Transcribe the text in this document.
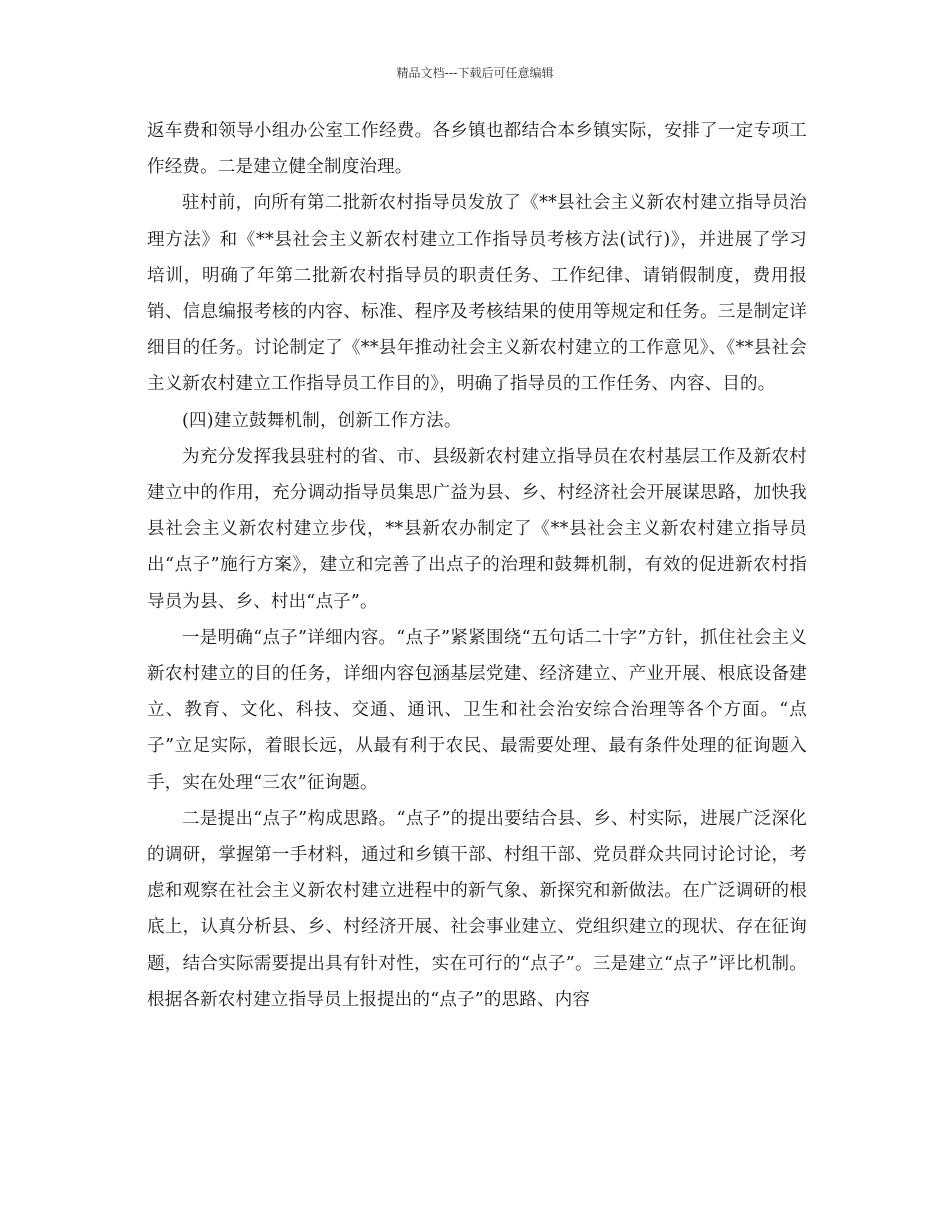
精品文档---下载后可任意编辑

返车费和领导小组办公室工作经费。各乡镇也都结合本乡镇实际，安排了一定专项工作经费。二是建立健全制度治理。

驻村前，向所有第二批新农村指导员发放了《**县社会主义新农村建立指导员治理方法》和《**县社会主义新农村建立工作指导员考核方法(试行)》，并进展了学习培训，明确了年第二批新农村指导员的职责任务、工作纪律、请销假制度，费用报销、信息编报考核的内容、标准、程序及考核结果的使用等规定和任务。三是制定详细目的任务。讨论制定了《**县年推动社会主义新农村建立的工作意见》、《**县社会主义新农村建立工作指导员工作目的》，明确了指导员的工作任务、内容、目的。

(四)建立鼓舞机制，创新工作方法。

为充分发挥我县驻村的省、市、县级新农村建立指导员在农村基层工作及新农村建立中的作用，充分调动指导员集思广益为县、乡、村经济社会开展谋思路，加快我县社会主义新农村建立步伐，**县新农办制定了《**县社会主义新农村建立指导员出“点子”施行方案》，建立和完善了出点子的治理和鼓舞机制，有效的促进新农村指导员为县、乡、村出“点子”。

一是明确“点子”详细内容。“点子”紧紧围绕“五句话二十字”方针，抓住社会主义新农村建立的目的任务，详细内容包涵基层党建、经济建立、产业开展、根底设备建立、教育、文化、科技、交通、通讯、卫生和社会治安综合治理等各个方面。“点子”立足实际，着眼长远，从最有利于农民、最需要处理、最有条件处理的征询题入手，实在处理“三农”征询题。

二是提出“点子”构成思路。“点子”的提出要结合县、乡、村实际，进展广泛深化的调研，掌握第一手材料，通过和乡镇干部、村组干部、党员群众共同讨论讨论，考虑和观察在社会主义新农村建立进程中的新气象、新探究和新做法。在广泛调研的根底上，认真分析县、乡、村经济开展、社会事业建立、党组织建立的现状、存在征询题，结合实际需要提出具有针对性，实在可行的“点子”。三是建立“点子”评比机制。根据各新农村建立指导员上报提出的“点子”的思路、内容
